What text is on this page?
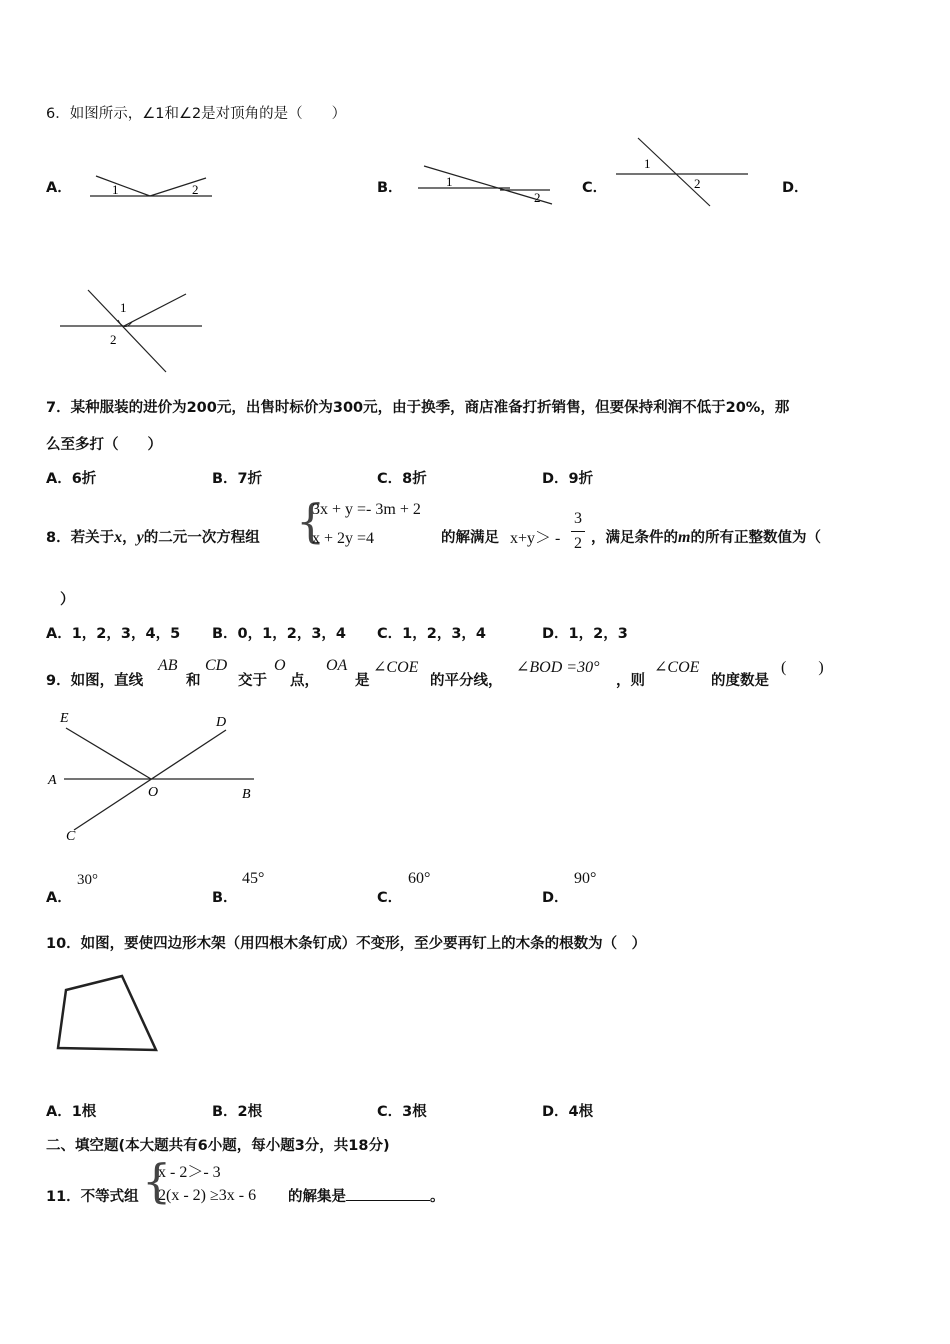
6．如图所示，∠1和∠2是对顶角的是（　　）
A．	1	2	B．	1
2
C．
1
2	D．
1
2
7．某种服装的进价为200元，出售时标价为300元，由于换季，商店准备打折销售，但要保持利润不低于20%，那
么至多打（　　）
A．6折	B．7折	C．8折	D．9折
8．若关于x，y的二元一次方程组 {
3x + y =- 3m + 2
x + 2y =4	的解满足 x+y＞ -
3
2 ，满足条件的m的所有正整数值为（
）
A．1，2，3，4，5 B．0，1，2，3，4 C．1，2，3，4	D．1，2，3
9．如图，直线
AB
和
CD
交于
O
点，
OA
是
∠COE
的平分线，
∠BOD =30°
，则
∠COE
的度数是
(　　)
E	D
A
O	B
C
A．
30°
B．
45°
C．
60°
D．
90°
10．如图，要使四边形木架（用四根木条钉成）不变形，至少要再钉上的木条的根数为（　）
A．1根	B．2根	C．3根	D．4根
二、填空题(本大题共有6小题，每小题3分，共18分)
11．不等式组 {
x - 2＞- 3
2(x - 2) ≥3x - 6 的解集是	。
